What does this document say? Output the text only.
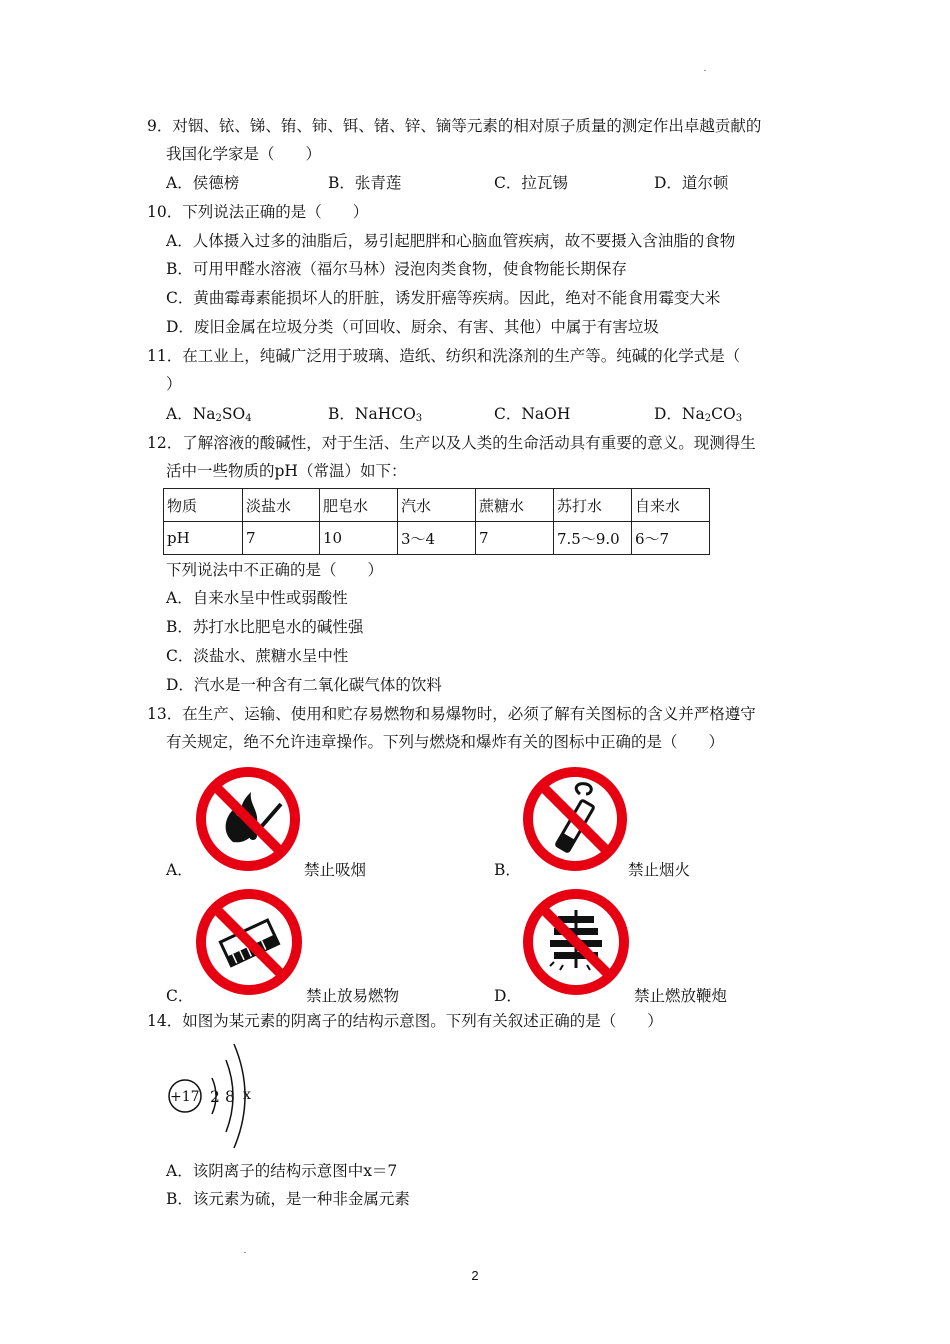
9．对铟、铱、锑、铕、铈、铒、锗、锌、镝等元素的相对原子质量的测定作出卓越贡献的
我国化学家是（　　）
A．侯德榜	B．张青莲	C．拉瓦锡	D．道尔顿
10．下列说法正确的是（　　）
A．人体摄入过多的油脂后，易引起肥胖和心脑血管疾病，故不要摄入含油脂的食物
B．可用甲醛水溶液（福尔马林）浸泡肉类食物，使食物能长期保存
C．黄曲霉毒素能损坏人的肝脏，诱发肝癌等疾病。因此，绝对不能食用霉变大米
D．废旧金属在垃圾分类（可回收、厨余、有害、其他）中属于有害垃圾
11．在工业上，纯碱广泛用于玻璃、造纸、纺织和洗涤剂的生产等。纯碱的化学式是（
）
A．$Na_2SO_4$	B．NaHCO$_3$	C．NaOH	D．$Na_2CO_3$
12．了解溶液的酸碱性，对于生活、生产以及人类的生命活动具有重要的意义。现测得生
活中一些物质的pH（常温）如下：
物质	淡盐水	肥皂水	汽水	蔗糖水	苏打水	自来水
pH	7	10	3～4	7	7.5～9.0	6～7
下列说法中不正确的是（　　）
A．自来水呈中性或弱酸性
B．苏打水比肥皂水的碱性强
C．淡盐水、蔗糖水呈中性
D．汽水是一种含有二氧化碳气体的饮料
13．在生产、运输、使用和贮存易燃物和易爆物时，必须了解有关图标的含义并严格遵守
有关规定，绝不允许违章操作。下列与燃烧和爆炸有关的图标中正确的是（　　）
A．	禁止吸烟	B．	禁止烟火
C．	禁止放易燃物	D．	禁止燃放鞭炮
14．如图为某元素的阴离子的结构示意图。下列有关叙述正确的是（　　）
+17 2 8 x
A．该阴离子的结构示意图中x＝7
B．该元素为硫，是一种非金属元素
2
